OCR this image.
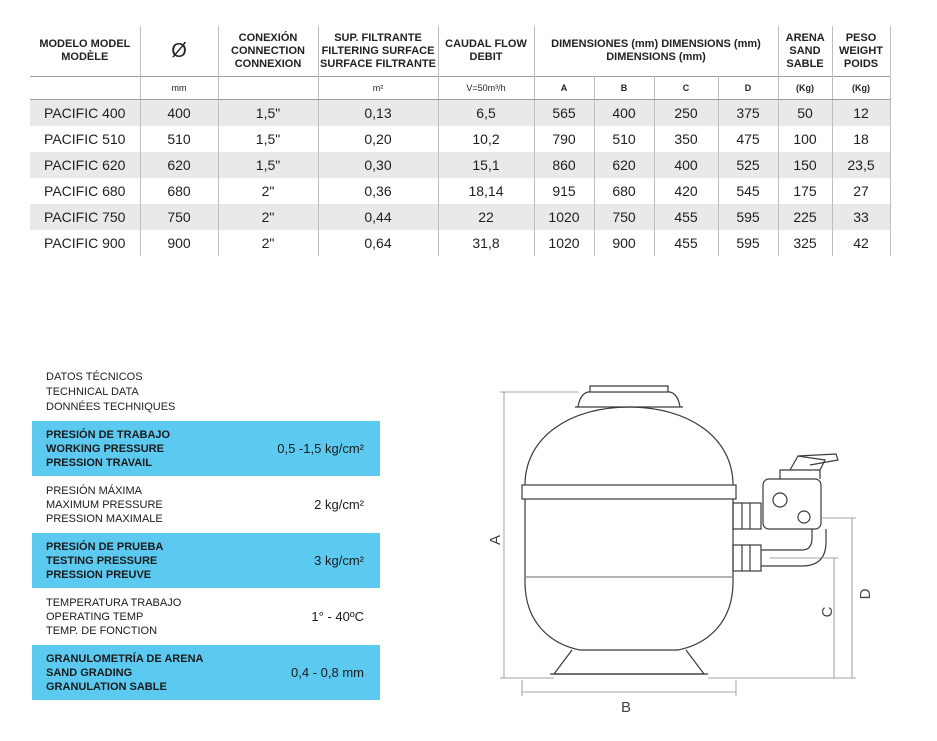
MODELO MODEL MODÈLE	Ø	CONEXIÓN CONNECTION CONNEXION	SUP. FILTRANTE FILTERING SURFACE SURFACE FILTRANTE	CAUDAL FLOW DEBIT	DIMENSIONES (mm) DIMENSIONS (mm) DIMENSIONS (mm)				ARENA SAND SABLE	PESO WEIGHT POIDS
	mm		m²	V=50m³/h	A	B	C	D	(Kg)	(Kg)
PACIFIC 400	400	1,5"	0,13	6,5	565	400	250	375	50	12
PACIFIC 510	510	1,5"	0,20	10,2	790	510	350	475	100	18
PACIFIC 620	620	1,5"	0,30	15,1	860	620	400	525	150	23,5
PACIFIC 680	680	2"	0,36	18,14	915	680	420	545	175	27
PACIFIC 750	750	2"	0,44	22	1020	750	455	595	225	33
PACIFIC 900	900	2"	0,64	31,8	1020	900	455	595	325	42
DATOS TÉCNICOS
TECHNICAL DATA
DONNÉES TECHNIQUES
PRESIÓN DE TRABAJO
WORKING PRESSURE
PRESSION TRAVAIL
0,5 -1,5 kg/cm²
PRESIÓN MÁXIMA
MAXIMUM PRESSURE
PRESSION MAXIMALE
2 kg/cm²
PRESIÓN DE PRUEBA
TESTING PRESSURE
PRESSION PREUVE
3 kg/cm²
TEMPERATURA TRABAJO
OPERATING TEMP
TEMP. DE FONCTION
1° - 40ºC
GRANULOMETRÍA DE ARENA
SAND GRADING
GRANULATION SABLE
0,4 - 0,8 mm
A
B
C
D
